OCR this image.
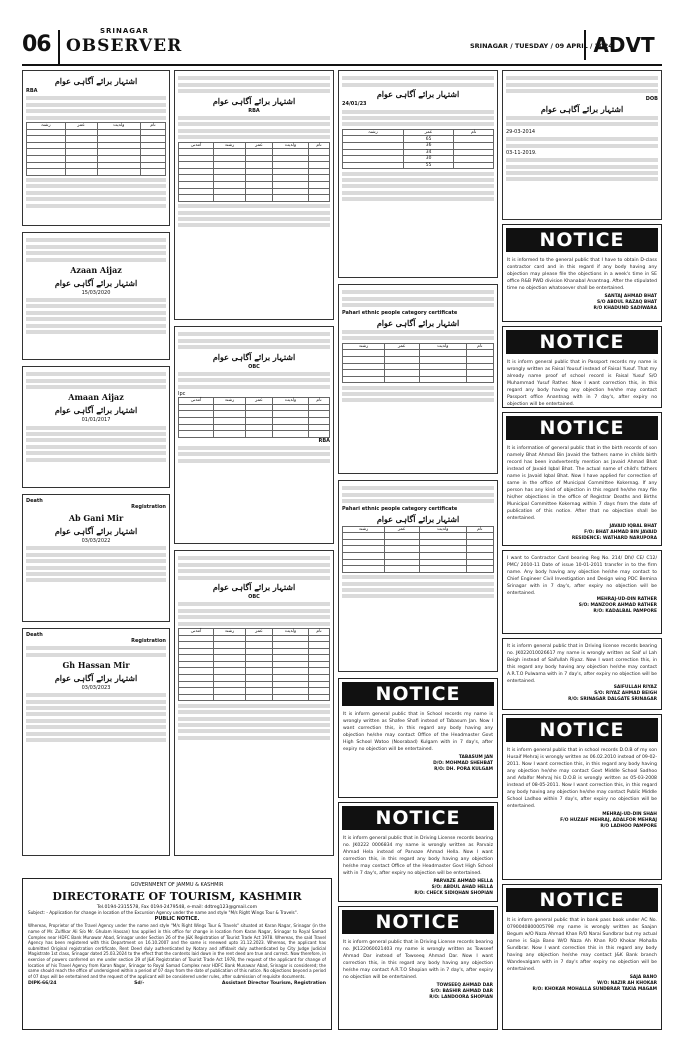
06
SRINAGAR
OBSERVER	SRINAGAR / TUESDAY / 09 APRIL / 2024
ADVT
اشتہار برائے آگاہی عوام
RBA
نام	ولدیت	عمر	رشتہ

Azaan Aijaz
اشتہار برائے آگاہی عوام
15/03/2020
Amaan Aijaz
اشتہار برائے آگاہی عوام
01/01/2017
Death
Registration
Ab Gani Mir
اشتہار برائے آگاہی عوام
03/03/2022
Death
Registration
Gh Hassan Mir
اشتہار برائے آگاہی عوام
03/03/2023
اشتہار برائے آگاہی عوام
RBA
نام	ولدیت	عمر	رشتہ	آمدنی

اشتہار برائے آگاہی عوام
OBC
Ipc
نام	ولدیت	عمر	رشتہ	آمدنی

RBA
اشتہار برائے آگاہی عوام
OBC
نام	ولدیت	عمر	رشتہ	آمدنی

اشتہار برائے آگاہی عوام
24/01/23
نام	عمر	رشتہ
	65	
	36	
	34	
	30	
	55	
Pahari ethnic people category certificate
اشتہار برائے آگاہی عوام
نام	ولدیت	عمر	رشتہ

Pahari ethnic people category certificate
اشتہار برائے آگاہی عوام
نام	ولدیت	عمر	رشتہ

NOTICE
It is inform general public that in School records my name is wrongly written as Shafee Shafi instead of Tabasum Jan. Now I want correction this, in this regard any body having any objection he/she may contact Office of the Headmaster Govt High School Watoo (Noorabad) Kulgam with in 7 day's, after expiry no objection will be entertained.
TABASUM JAN
D/O: MOHMAD SHEHBAT
R/O: DH. PORA KULGAM
NOTICE
It is inform general public that in Driving License records bearing no. JK0222 0006834 my name is wrongly written as Parvaiz Ahmad Hela instead of Parvaze Ahmad Hella. Now I want correction this, in this regard any body having any objection he/she may contact Office of the Headmaster Govt High School with in 7 day's, after expiry no objection will be entertained.
PARVAZE AHMAD HELLA
S/O: ABDUL AHAD HELLA
R/O: CHECK SIDIQHAN SHOPIAN
NOTICE
It is inform general public that in Driving License records bearing no. JK122060021403 my name is wrongly written as Towseef Ahmad Dar instead of Towseeq Ahmad Dar. Now I want correction this, in this regard any body having any objection he/she may contact A.R.T.O Shopian with in 7 day's, after expiry no objection will be entertained.
TOWSEEQ AHMAD DAR
S/O: BASHIR AHMAD DAR
R/O: LANDOORA SHOPIAN
DOB
اشتہار برائے آگاہی عوام
29-03-2014
03-11-2019.
NOTICE
It is informed to the general public that I have to obtain D-class contractor card and in this regard if any body having any objection may please file the objections in a week's time in SE office R&B PWD division Khanabal Anantnag. After the stipulated time no objection whatsoever shall be entertained.
SANTAJ AHMAD BHAT
S/O ABDUL RAZAQ BHAT
R/O KHADUND SADIWARA
NOTICE
It is inform general public that in Passport records my name is wrongly written as Faisal Yousuf instead of Faisal Yusuf. That my already name proof of school record is Faisal Yusuf S/O Muhammad Yusuf Rather. Now I want correction this, in this regard any body having any objection he/she may contact Passport office Anantnag with in 7 day's, after expiry no objection will be entertained.
NOTICE
It is information of general public that in the birth records of son namely Bhat Ahmad Bin Javaid the fathers name in childs birth record has been inadvertently mention as Javaid Ahmad Bhat instead of Javaid Iqbal Bhat. The actual name of child's fathers name is Javaid Iqbal Bhat. Now I have applied for correction of same in the office of Municipal Committee Kokernag. If any person has any kind of objection in this regard he/she may file his/her objections in the office of Registrar Deaths and Births Municipal Committee Kokernag within 7 days from the date of publication of this notice. After that no objection shall be entertained.
JAVAID IQBAL BHAT
F/O: BHAT AHMAD BIN JAVAID
RESIDENCE: WATHARD NARUPORA
I want to Contractor Card bearing Reg No. 214/ DIV/ CE/ C12/ PMC/ 2010-11 Date of issue 10-01-2011 transfer in to the firm name. Any body having any objection he/she may contact to Chief Engineer Civil Investigation and Design wing PDC Bemina Srinagar with in 7 day's, after expiry no objection will be entertained.
MEHRAJ-UD-DIN RATHER
S/O: MANZOOR AHMAD RATHER
R/O: KADALBAL PAMPORE
It is inform general public that in Driving license records bearing no. JK022010026617 my name is wrongly written as Saif ul Lah Beigh instead of Saifullah Riyaz. Now I want correction this, in this regard any body having any objection he/she may contact A.R.T.O Pulwama with in 7 day's, after expiry no objection will be entertained.
SAIFULLAH RIYAZ
S/O: RIYAZ AHMAD BEIGH
R/O: SRINAGAR DALGATE SRINAGAR
NOTICE
It is inform general public that in school records D.O.B of my son Husaif Mehraj is wrongly written as 06.02.2010 instead of 09-02-2011. Now I want correction this, in this regard any body having any objection he/she may contact Govt Middle School Sadhoo and Adalfor Mehraj his D.O.B is wrongly written as 05-03-2008 instead of 08-05-2011. Now I want correction this, in this regard any body having any objection he/she may contact Public Middle School Ladhoo within 7 day's, after expiry no objection will be entertained.
MEHRAJ-UD-DIN SHAH
F/O HUZAIF MEHRAJ, ADALFOR MEHRAJ
R/O LADHOO PAMPORE
NOTICE
It is inform general public that in bank pass book under AC No. 0790040800005798 my name is wrongly written as Saajan Begum w/O Naza Ahmad Khan R/O Narai Sundbrar but my actual name is Saja Bano W/O Naza Ah Khan R/O Khokar Mohalla Sundbrar. Now I want correction this in this regard any body having any objection he/she may contact J&K Bank branch Wandevalgam with in 7 day's after expiry no objection will be entertained.
SAJA BANO
W/O: NAZIR AH KHOKAR
R/O: KHOKAR MOHALLA SUNDBRAR TAKIA MAGAM
GOVERNMENT OF JAMMU & KASHMIR
DIRECTORATE OF TOURISM, KASHMIR
Tel.0194-2315578, Fax 0194-2479548, e-mail: ddtreg123@gmail.com
Subject: - Application for change in location of the Excursion Agency under the name and style "M/s Right Wings Tour & Travels".
PUBLIC NOTICE.
Whereas, Proprietor of the Travel Agency under the name and style "M/s Right Wings Tour & Travels" situated at Karan Nagar, Srinagar (in the name of Mr. Zulfikar Ali S/o Mr. Ghulam Hassan) has applied in this office for change in location from Karan Nagar, Srinagar to Royal Samad Complex near HDFC Bank Munawar Abad, Srinagar under Section 26 of the J&K Registration of Tourist Trade Act 1978. Whereas, the said Travel Agency has been registered with this Department on 16.10.2007 and the same is renewed upto 31.12.2023. Whereas, the applicant has submitted Original registration certificate, Rent Deed duly authenticated by Notary and affidavit duly authenticated by City Judge Judicial Magistrate 1st class, Srinagar dated 25.03.2024 to the effect that the contents laid down in the rent deed are true and correct. Now therefore, in exercise of powers conferred on me under section 29 of J&K Registration of Tourist Trade Act 1978, the request of the applicant for change of location of his Travel Agency from Karan Nagar, Srinagar to Royal Samad Complex near HDFC Bank Munawar Abad, Srinagar is considered; the same should reach the office of undersigned within a period of 07 days from the date of publication of this notice. No objections beyond a period of 07 days will be entertained and the request of the applicant will be considered under rules, after submission of requisite documents.
DIPK-66/24	Sd/-	Assistant Director Tourism, Registration
